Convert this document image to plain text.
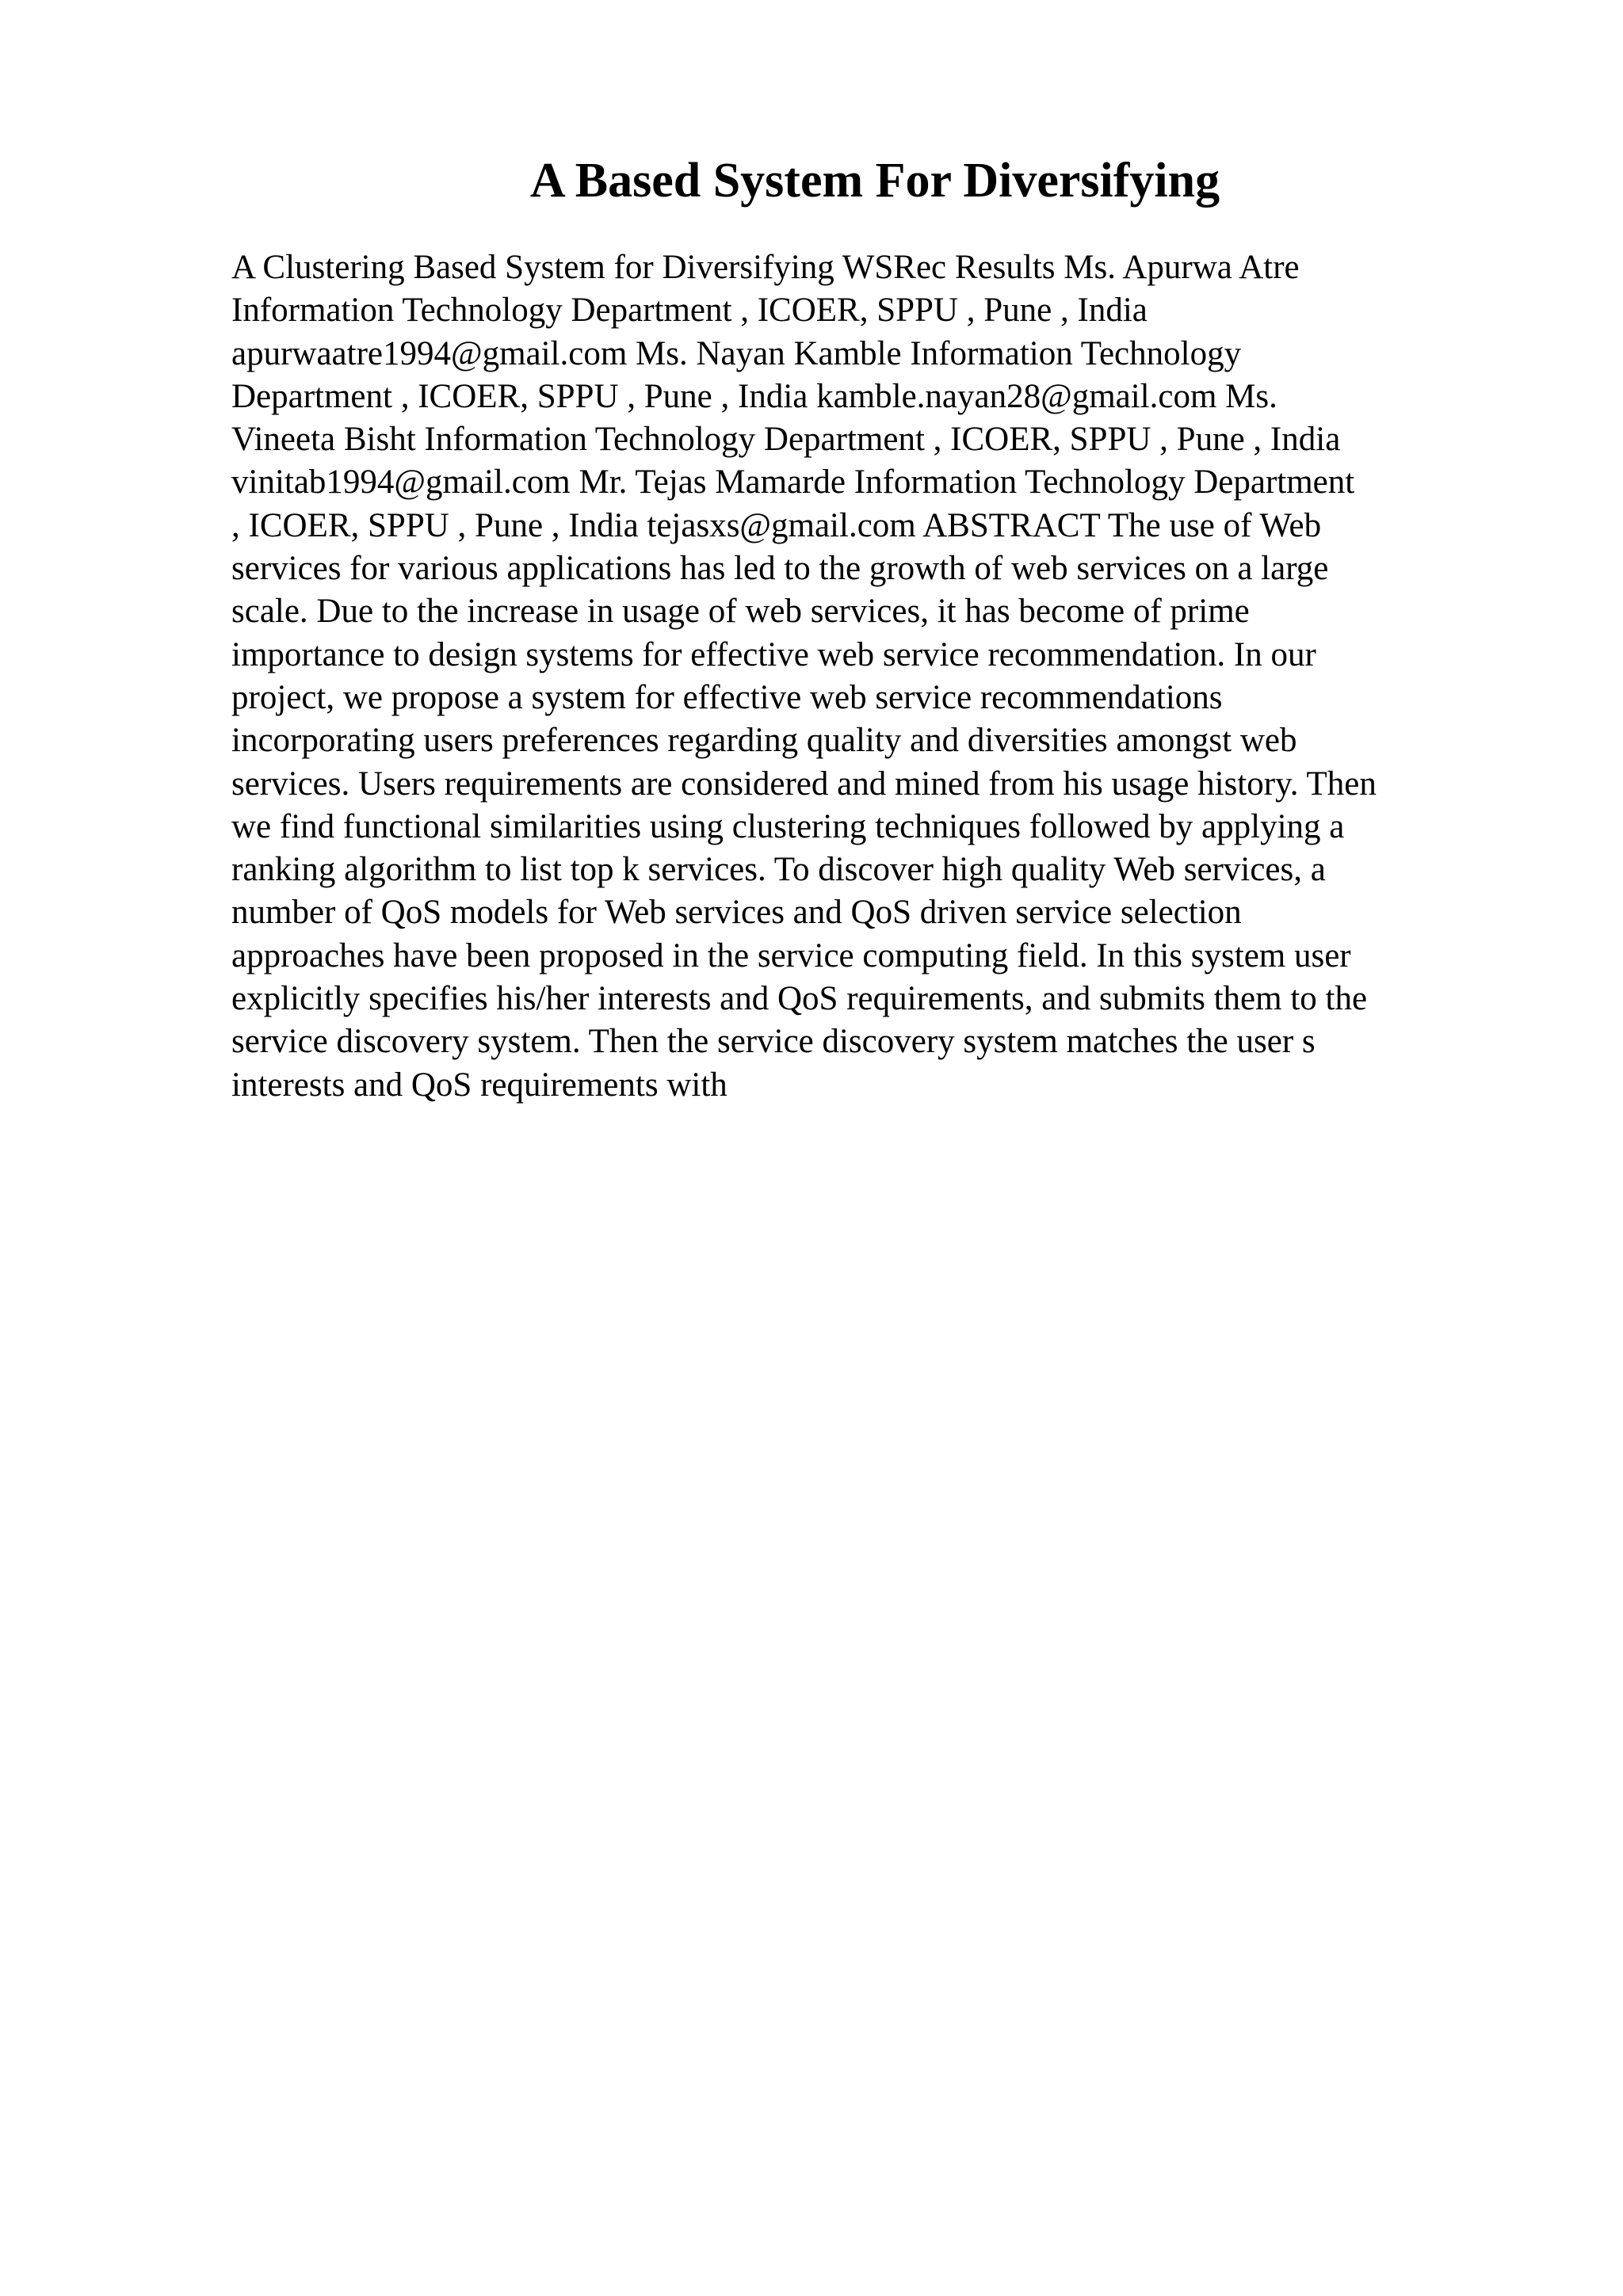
A Based System For Diversifying
A Clustering Based System for Diversifying WSRec Results Ms. Apurwa Atre
Information Technology Department , ICOER, SPPU , Pune , India
apurwaatre1994@gmail.com Ms. Nayan Kamble Information Technology
Department , ICOER, SPPU , Pune , India kamble.nayan28@gmail.com Ms.
Vineeta Bisht Information Technology Department , ICOER, SPPU , Pune , India
vinitab1994@gmail.com Mr. Tejas Mamarde Information Technology Department
, ICOER, SPPU , Pune , India tejasxs@gmail.com ABSTRACT The use of Web
services for various applications has led to the growth of web services on a large
scale. Due to the increase in usage of web services, it has become of prime
importance to design systems for effective web service recommendation. In our
project, we propose a system for effective web service recommendations
incorporating users preferences regarding quality and diversities amongst web
services. Users requirements are considered and mined from his usage history. Then
we find functional similarities using clustering techniques followed by applying a
ranking algorithm to list top k services. To discover high quality Web services, a
number of QoS models for Web services and QoS driven service selection
approaches have been proposed in the service computing field. In this system user
explicitly specifies his/her interests and QoS requirements, and submits them to the
service discovery system. Then the service discovery system matches the user s
interests and QoS requirements with
